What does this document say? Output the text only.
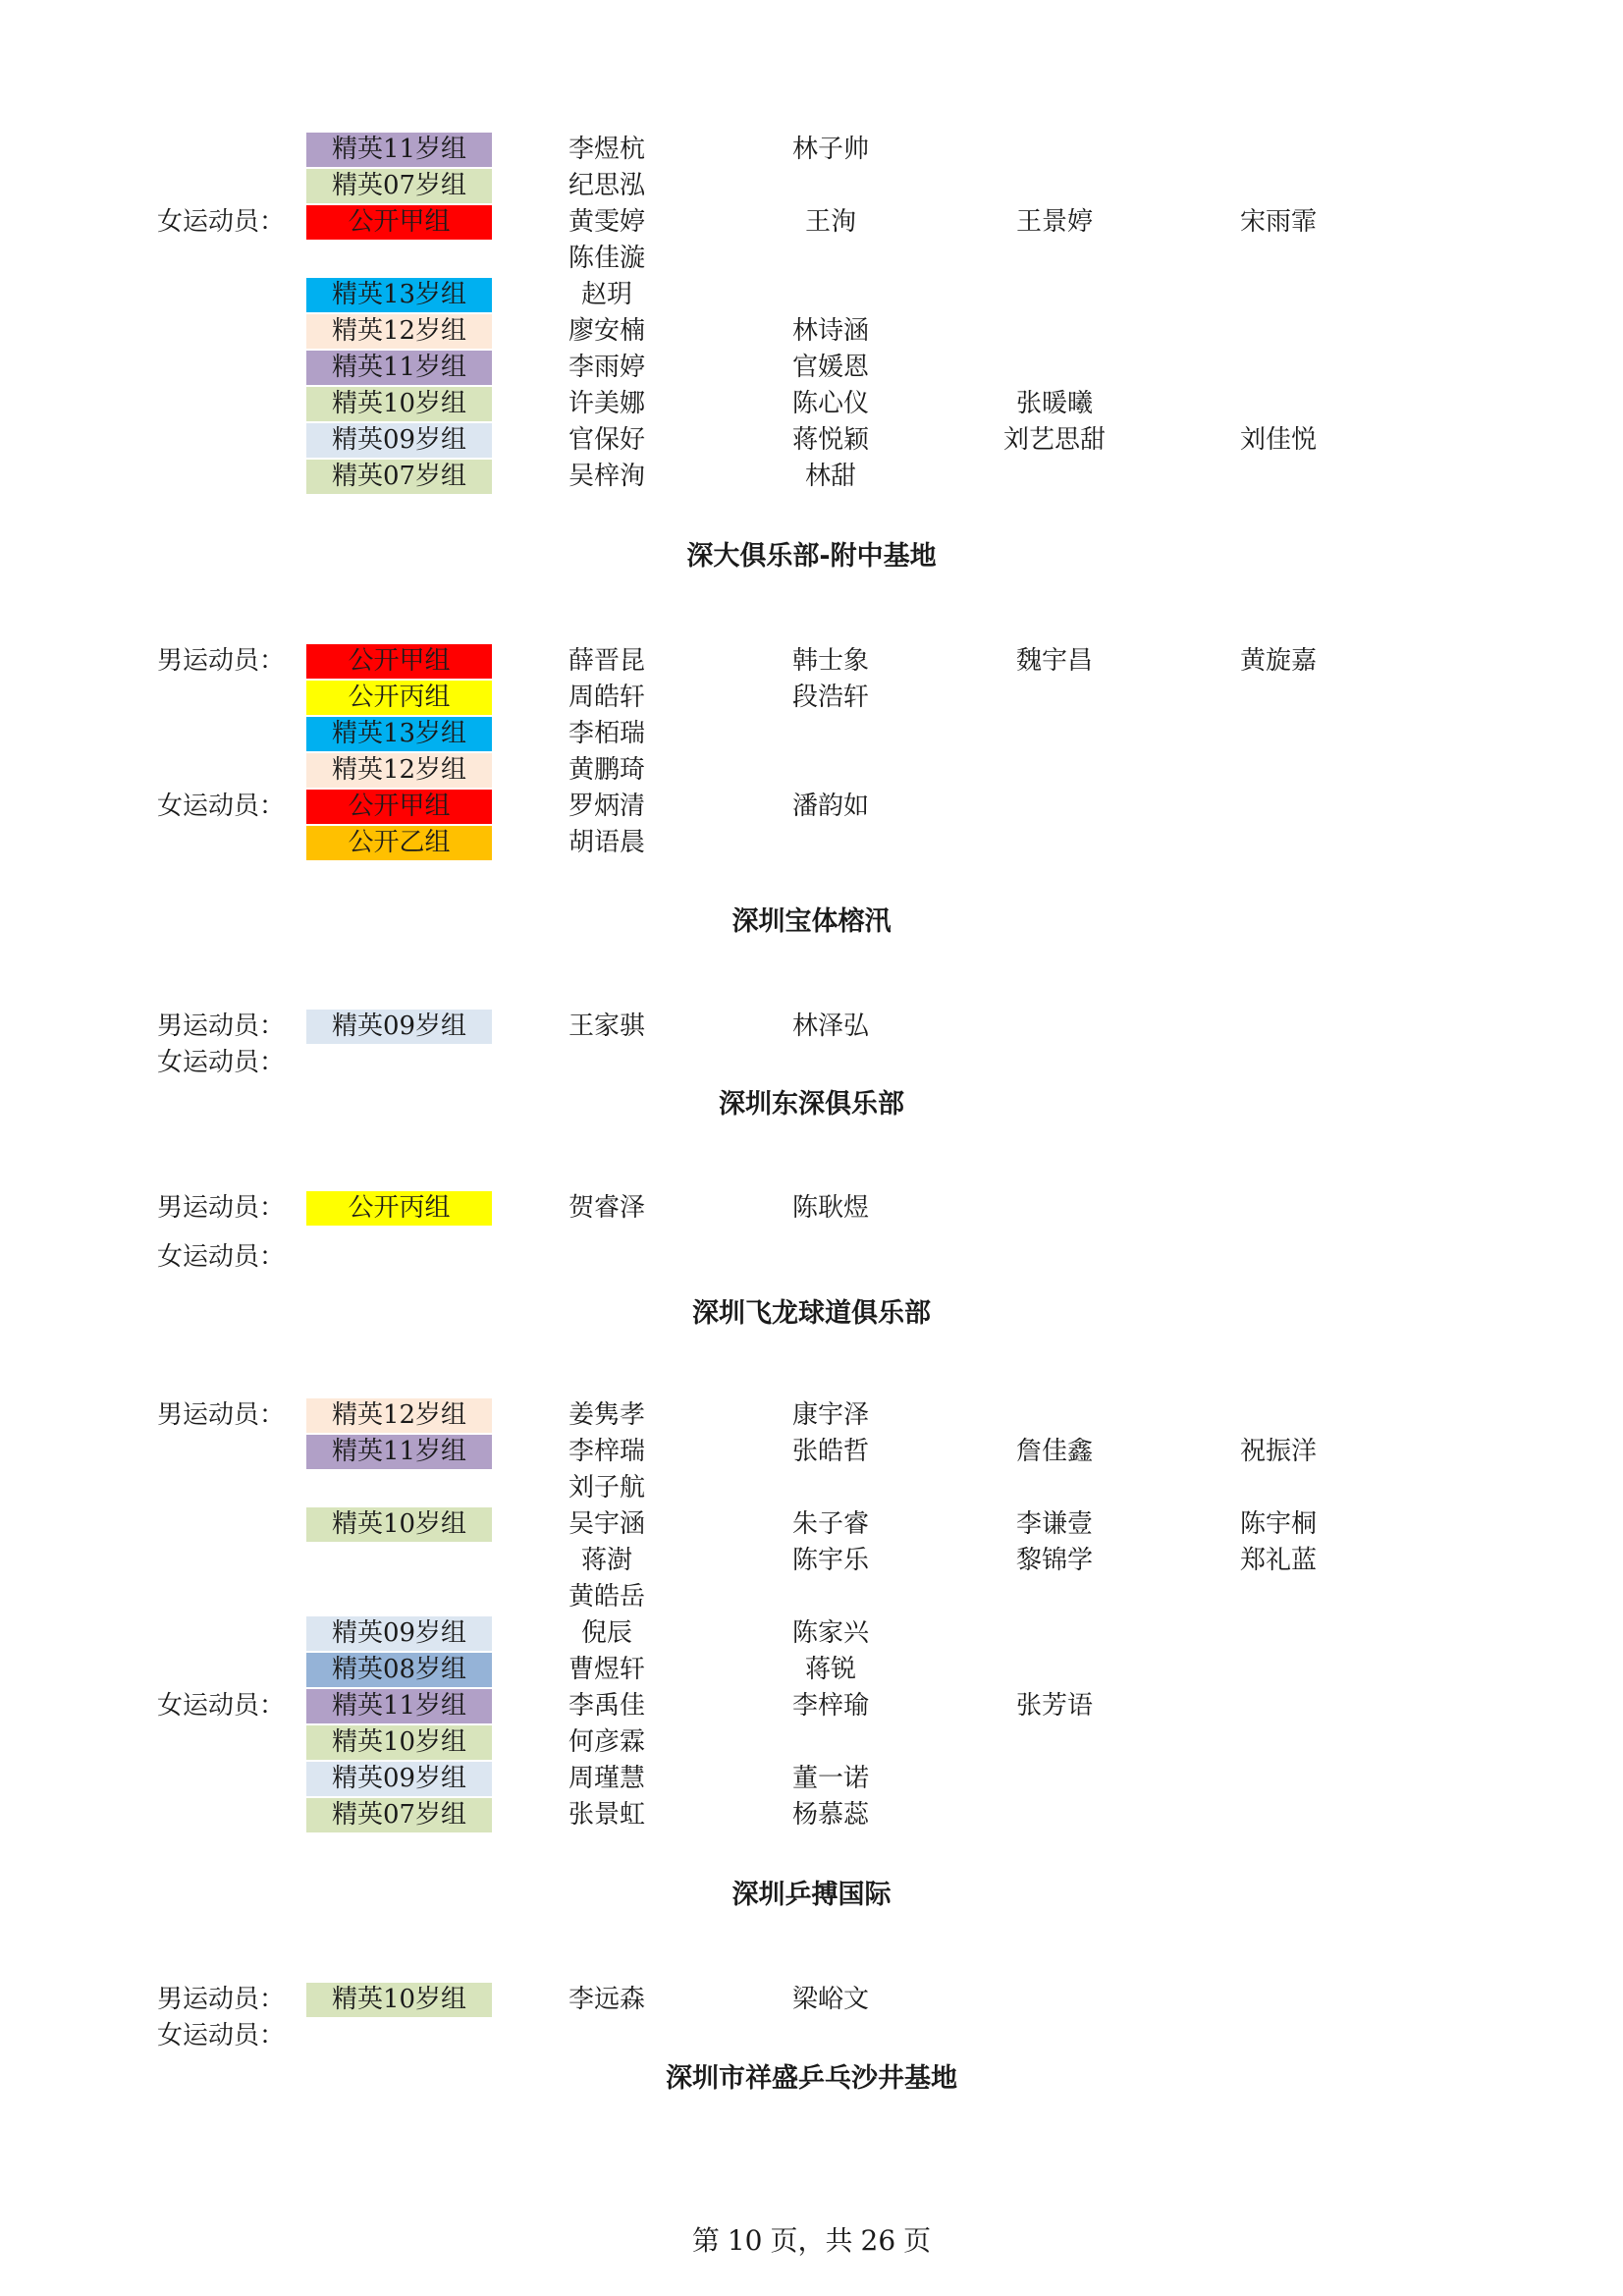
精英11岁组	李煜杭	林子帅
精英07岁组	纪思泓
女运动员：	公开甲组	黄雯婷	王洵	王景婷	宋雨霏
陈佳漩
精英13岁组	赵玥
精英12岁组	廖安楠	林诗涵
精英11岁组	李雨婷	官媛恩
精英10岁组	许美娜	陈心仪	张暖曦
精英09岁组	官保好	蒋悦颖	刘艺思甜	刘佳悦
精英07岁组	吴梓洵	林甜
男运动员：	公开甲组	薛晋昆	韩士象	魏宇昌	黄旋嘉
公开丙组	周皓轩	段浩轩
精英13岁组	李栢瑞
精英12岁组	黄鹏琦
女运动员：	公开甲组	罗炳清	潘韵如
公开乙组	胡语晨
男运动员：	精英09岁组	王家骐	林泽弘
女运动员：
男运动员：	公开丙组	贺睿泽	陈耿煜
女运动员：
男运动员：	精英12岁组	姜隽孝	康宇泽
精英11岁组	李梓瑞	张皓哲	詹佳鑫	祝振洋
刘子航
精英10岁组	吴宇涵	朱子睿	李谦壹	陈宇桐
蒋澍	陈宇乐	黎锦学	郑礼蓝
黄皓岳
精英09岁组	倪辰	陈家兴
精英08岁组	曹煜轩	蒋锐
女运动员：	精英11岁组	李禹佳	李梓瑜	张芳语
精英10岁组	何彦霖
精英09岁组	周瑾慧	董一诺
精英07岁组	张景虹	杨慕蕊
男运动员：	精英10岁组	李远森	梁峪文
女运动员：
深大俱乐部-附中基地
深圳宝体榕汛
深圳东深俱乐部
深圳飞龙球道俱乐部
深圳乒搏国际
深圳市祥盛乒乓沙井基地
第 10 页，共 26 页
